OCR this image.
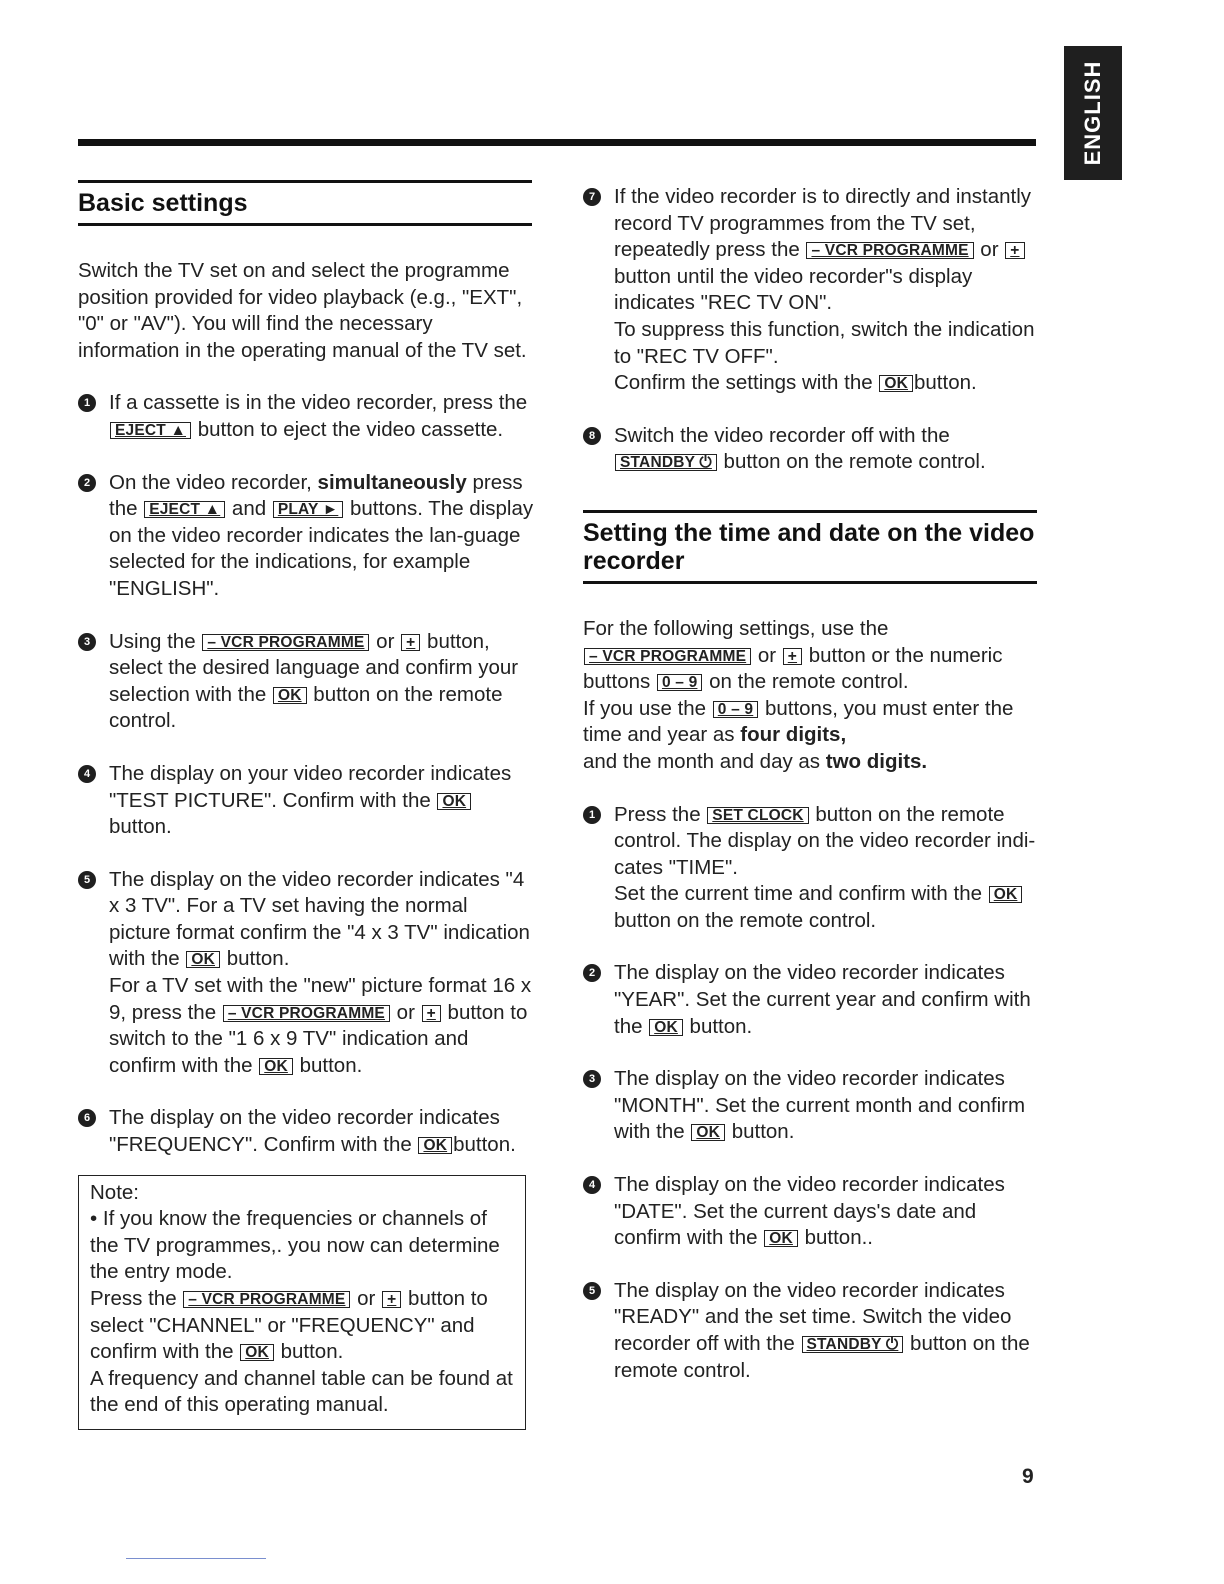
ENGLISH
Basic settings

Switch the TV set on and select the programme position provided for video playback (e.g., "EXT", "0" or "AV"). You will find the necessary information in the operating manual of the TV set.

1 If a cassette is in the video recorder, press the EJECT ▲ button to eject the video cassette.
2 On the video recorder, simultaneously press the EJECT ▲ and PLAY ► buttons. The display on the video recorder indicates the lan-guage selected for the indications, for example "ENGLISH".
3 Using the – VCR PROGRAMME or + button, select the desired language and confirm your selection with the OK button on the remote control.
4 The display on your video recorder indicates "TEST PICTURE". Confirm with the OK button.
5 The display on the video recorder indicates "4 x 3 TV". For a TV set having the normal picture format confirm the "4 x 3 TV" indication with the OK button.
For a TV set with the "new" picture format 16 x 9, press the – VCR PROGRAMME or + button to switch to the "1 6 x 9 TV" indication and confirm with the OK button.
6 The display on the video recorder indicates "FREQUENCY". Confirm with the OK button.
Note:
• If you know the frequencies or channels of the TV programmes,. you now can determine the entry mode.
Press the – VCR PROGRAMME or + button to select "CHANNEL" or "FREQUENCY" and confirm with the OK button.
A frequency and channel table can be found at the end of this operating manual.
7 If the video recorder is to directly and instantly record TV programmes from the TV set, repeatedly press the – VCR PROGRAMME or + button until the video recorder"s display indicates "REC TV ON".
To suppress this function, switch the indication to "REC TV OFF".
Confirm the settings with the OK button.
8 Switch the video recorder off with the STANDBY ⏻ button on the remote control.
Setting the time and date on the video recorder
For the following settings, use the – VCR PROGRAMME or + button or the numeric buttons 0 – 9 on the remote control.
If you use the 0 – 9 buttons, you must enter the time and year as four digits,
and the month and day as two digits.
1 Press the SET CLOCK button on the remote control. The display on the video recorder indi-cates "TIME".
Set the current time and confirm with the OK button on the remote control.
2 The display on the video recorder indicates "YEAR". Set the current year and confirm with the OK button.
3 The display on the video recorder indicates "MONTH". Set the current month and confirm with the OK button.
4 The display on the video recorder indicates "DATE". Set the current days's date and confirm with the OK button..
5 The display on the video recorder indicates "READY" and the set time. Switch the video recorder off with the STANDBY ⏻ button on the remote control.
9
